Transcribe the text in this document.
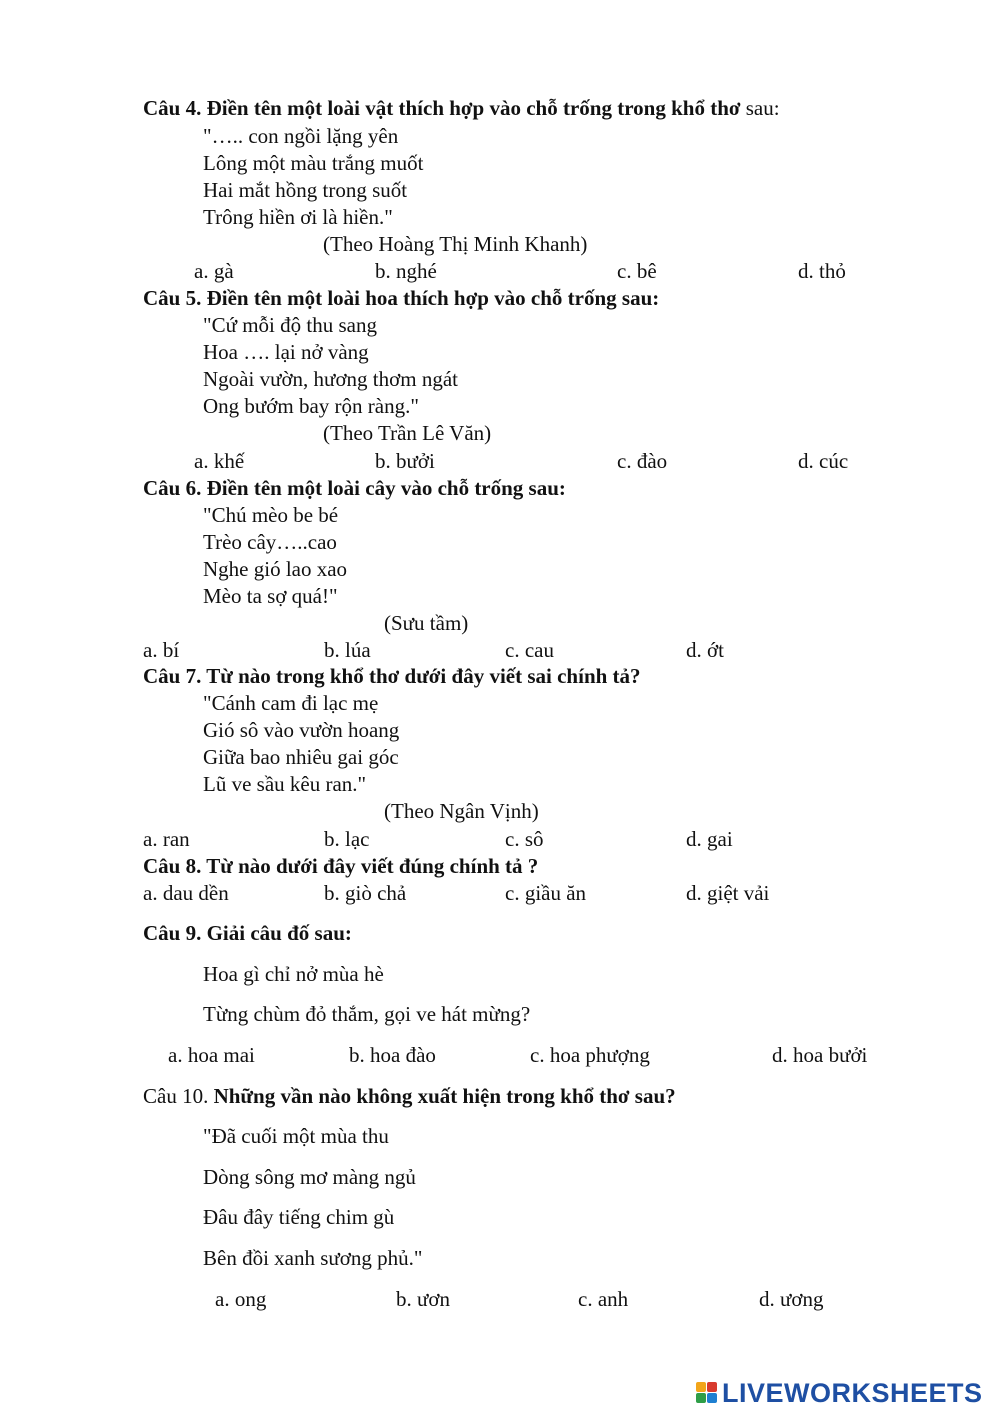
Câu 4. Điền tên một loài vật thích hợp vào chỗ trống trong khổ thơ sau:
"….. con ngồi lặng yên
Lông một màu trắng muốt
Hai mắt hồng trong suốt
Trông hiền ơi là hiền."
(Theo Hoàng Thị Minh Khanh)
a. gà	b. nghé	c. bê	d. thỏ
Câu 5. Điền tên một loài hoa thích hợp vào chỗ trống sau:
"Cứ mỗi độ thu sang
Hoa …. lại nở vàng
Ngoài vườn, hương thơm ngát
Ong bướm bay rộn ràng."
(Theo Trần Lê Văn)
a. khế	b. bưởi	c. đào	d. cúc
Câu 6. Điền tên một loài cây vào chỗ trống sau:
"Chú mèo be bé
Trèo cây…..cao
Nghe gió lao xao
Mèo ta sợ quá!"
(Sưu tầm)
a. bí	b. lúa	c. cau	d. ớt
Câu 7. Từ nào trong khổ thơ dưới đây viết sai chính tả?
"Cánh cam đi lạc mẹ
Gió sô vào vườn hoang
Giữa bao nhiêu gai góc
Lũ ve sầu kêu ran."
(Theo Ngân Vịnh)
a. ran	b. lạc	c. sô	d. gai
Câu 8. Từ nào dưới đây viết đúng chính tả ?
a. dau dền	b. giò chả	c. giầu ăn	d. giệt vải
Câu 9. Giải câu đố sau:
Hoa gì chỉ nở mùa hè
Từng chùm đỏ thắm, gọi ve hát mừng?
a. hoa mai	b. hoa đào	c. hoa phượng	d. hoa bưởi
Câu 10. Những vần nào không xuất hiện trong khổ thơ sau?
"Đã cuối một mùa thu
Dòng sông mơ màng ngủ
Đâu đây tiếng chim gù
Bên đồi xanh sương phủ."
a. ong	b. ươn	c. anh	d. ương
LIVEWORKSHEETS
